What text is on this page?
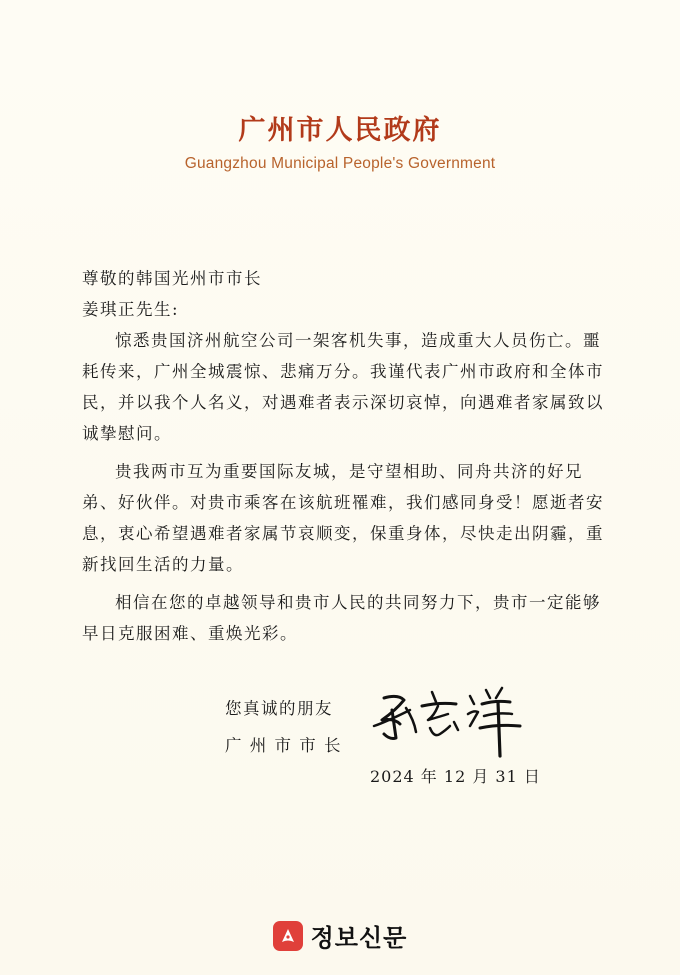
广州市人民政府
Guangzhou Municipal People's Government

尊敬的韩国光州市市长

姜琪正先生:

惊悉贵国济州航空公司一架客机失事，造成重大人员伤亡。噩耗传来，广州全城震惊、悲痛万分。我谨代表广州市政府和全体市民，并以我个人名义，对遇难者表示深切哀悼，向遇难者家属致以诚挚慰问。

贵我两市互为重要国际友城，是守望相助、同舟共济的好兄弟、好伙伴。对贵市乘客在该航班罹难，我们感同身受！愿逝者安息，衷心希望遇难者家属节哀顺变，保重身体，尽快走出阴霾，重新找回生活的力量。

相信在您的卓越领导和贵市人民的共同努力下，贵市一定能够早日克服困难、重焕光彩。

您真诚的朋友
广 州 市 市 长
2024 年 12 月 31 日
정보신문
